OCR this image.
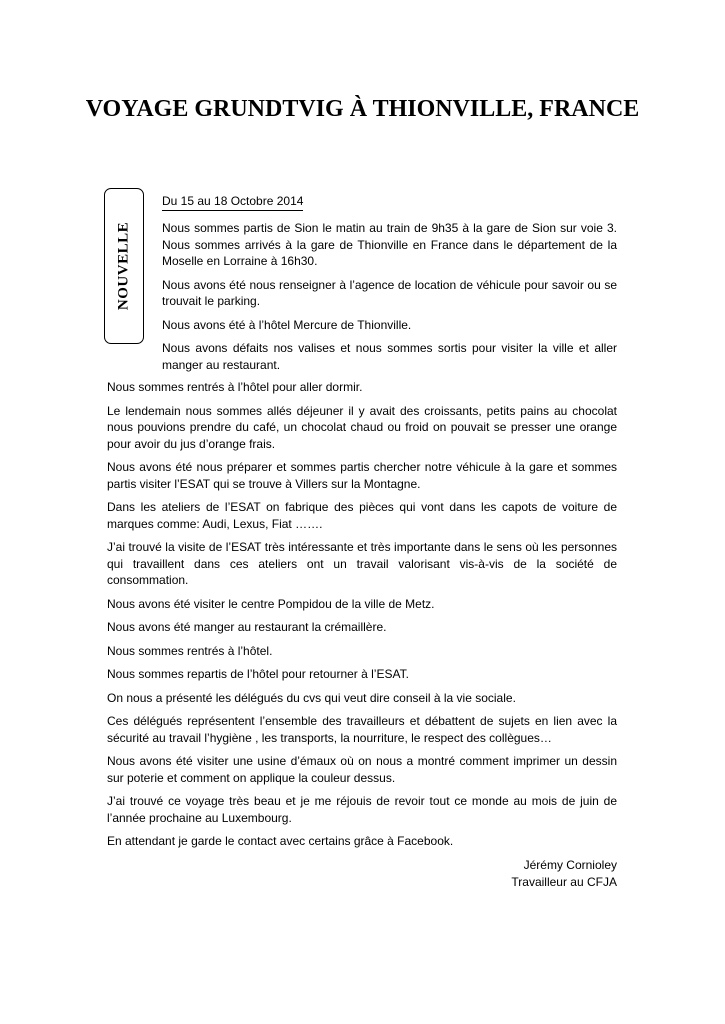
VOYAGE GRUNDTVIG À THIONVILLE, FRANCE
NOUVELLE

Du 15 au 18 Octobre 2014

Nous sommes partis de Sion le matin au train de 9h35 à la gare de Sion sur voie 3. Nous sommes arrivés à la gare de Thionville en France dans le département de la Moselle en Lorraine à 16h30.

Nous avons été nous renseigner à l’agence de location de véhicule pour savoir ou se trouvait le parking.

Nous avons été à l’hôtel Mercure de Thionville.

Nous avons défaits nos valises et nous sommes sortis pour visiter la ville et aller manger au restaurant.

Nous sommes rentrés à l’hôtel pour aller dormir.

Le lendemain nous sommes allés déjeuner il y avait des croissants, petits pains au chocolat nous pouvions prendre du café, un chocolat chaud ou froid on pouvait se presser une orange pour avoir du jus d’orange frais.

Nous avons été nous préparer et sommes partis chercher notre véhicule à la gare et sommes partis visiter l’ESAT qui se trouve à Villers sur la Montagne.

Dans les ateliers de l’ESAT on fabrique des pièces qui vont dans les capots de voiture de marques comme: Audi, Lexus, Fiat …….

J’ai trouvé la visite de l’ESAT très intéressante et très importante dans le sens où les personnes qui travaillent dans ces ateliers ont un travail valorisant vis-à-vis de la société de consommation.

Nous avons été visiter le centre Pompidou de la ville de Metz.

Nous avons été manger au restaurant la crémaillère.

Nous sommes rentrés à l’hôtel.

Nous sommes repartis de l’hôtel pour retourner à l’ESAT.

On nous a présenté les délégués du cvs qui veut dire conseil à la vie sociale.

Ces délégués représentent l’ensemble des travailleurs et débattent de sujets en lien avec la sécurité au travail l’hygiène , les transports, la nourriture, le respect des collègues…

Nous avons été visiter une usine d’émaux où on nous a montré comment imprimer un dessin sur poterie et comment on applique la couleur dessus.

J’ai trouvé ce voyage très beau et je me réjouis de revoir tout ce monde au mois de juin de l’année prochaine au Luxembourg.

En attendant je garde le contact avec certains grâce à Facebook.

Jérémy Cornioley
Travailleur au CFJA
